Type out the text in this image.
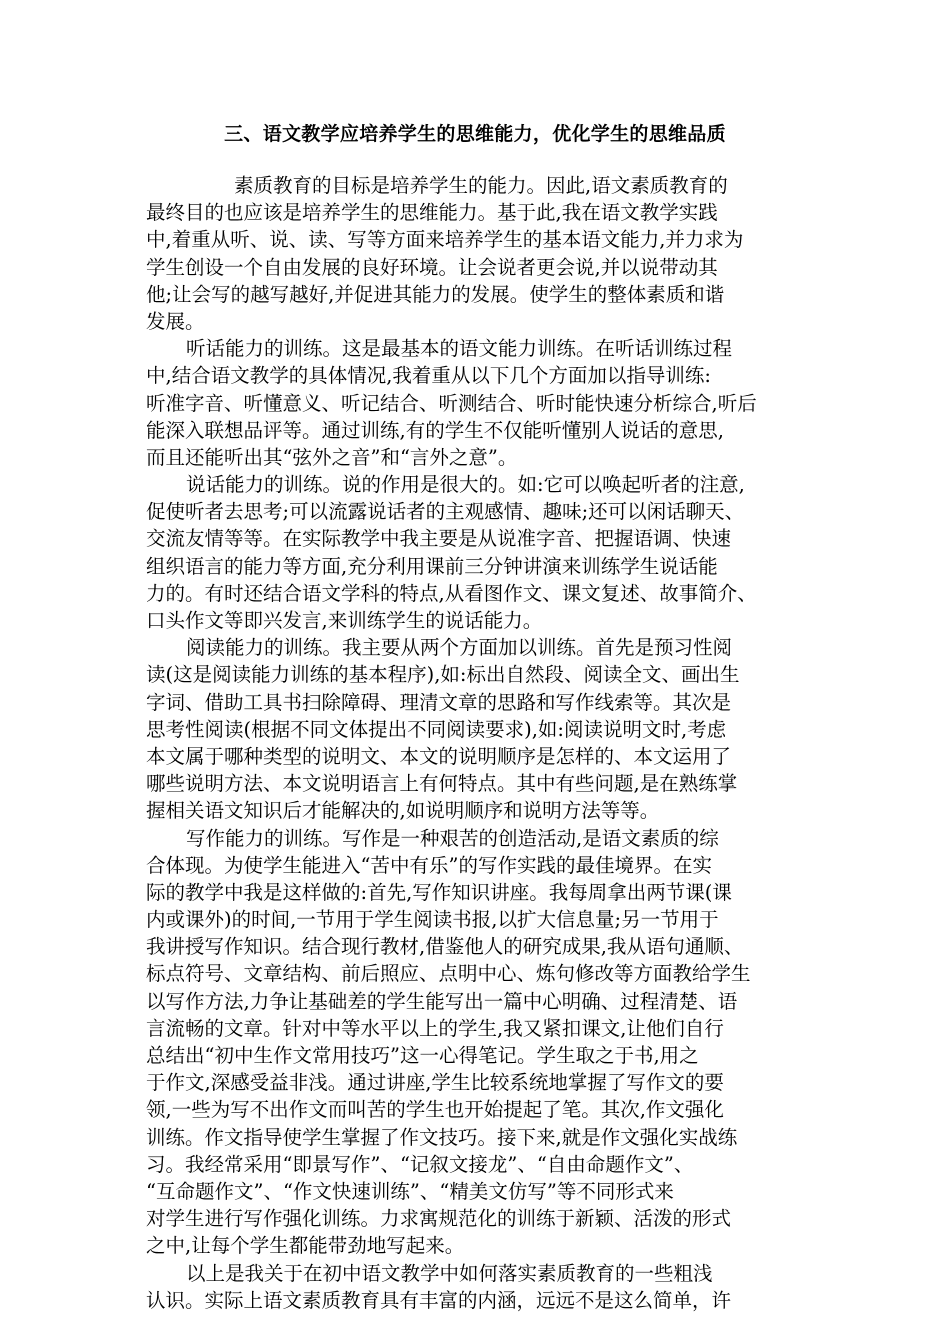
三、语文教学应培养学生的思维能力，优化学生的思维品质
素质教育的目标是培养学生的能力。因此,语文素质教育的
最终目的也应该是培养学生的思维能力。基于此,我在语文教学实践
中,着重从听、说、读、写等方面来培养学生的基本语文能力,并力求为
学生创设一个自由发展的良好环境。让会说者更会说,并以说带动其
他;让会写的越写越好,并促进其能力的发展。使学生的整体素质和谐
发展。
听话能力的训练。这是最基本的语文能力训练。在听话训练过程
中,结合语文教学的具体情况,我着重从以下几个方面加以指导训练:
听准字音、听懂意义、听记结合、听测结合、听时能快速分析综合,听后
能深入联想品评等。通过训练,有的学生不仅能听懂别人说话的意思,
而且还能听出其“弦外之音”和“言外之意”。
说话能力的训练。说的作用是很大的。如:它可以唤起听者的注意,
促使听者去思考;可以流露说话者的主观感情、趣味;还可以闲话聊天、
交流友情等等。在实际教学中我主要是从说准字音、把握语调、快速
组织语言的能力等方面,充分利用课前三分钟讲演来训练学生说话能
力的。有时还结合语文学科的特点,从看图作文、课文复述、故事简介、
口头作文等即兴发言,来训练学生的说话能力。
阅读能力的训练。我主要从两个方面加以训练。首先是预习性阅
读(这是阅读能力训练的基本程序),如:标出自然段、阅读全文、画出生
字词、借助工具书扫除障碍、理清文章的思路和写作线索等。其次是
思考性阅读(根据不同文体提出不同阅读要求),如:阅读说明文时,考虑
本文属于哪种类型的说明文、本文的说明顺序是怎样的、本文运用了
哪些说明方法、本文说明语言上有何特点。其中有些问题,是在熟练掌
握相关语文知识后才能解决的,如说明顺序和说明方法等等。
写作能力的训练。写作是一种艰苦的创造活动,是语文素质的综
合体现。为使学生能进入“苦中有乐”的写作实践的最佳境界。在实
际的教学中我是这样做的:首先,写作知识讲座。我每周拿出两节课(课
内或课外)的时间,一节用于学生阅读书报,以扩大信息量;另一节用于
我讲授写作知识。结合现行教材,借鉴他人的研究成果,我从语句通顺、
标点符号、文章结构、前后照应、点明中心、炼句修改等方面教给学生
以写作方法,力争让基础差的学生能写出一篇中心明确、过程清楚、语
言流畅的文章。针对中等水平以上的学生,我又紧扣课文,让他们自行
总结出“初中生作文常用技巧”这一心得笔记。学生取之于书,用之
于作文,深感受益非浅。通过讲座,学生比较系统地掌握了写作文的要
领,一些为写不出作文而叫苦的学生也开始提起了笔。其次,作文强化
训练。作文指导使学生掌握了作文技巧。接下来,就是作文强化实战练
习。我经常采用“即景写作”、“记叙文接龙”、“自由命题作文”、
“互命题作文”、“作文快速训练”、“精美文仿写”等不同形式来
对学生进行写作强化训练。力求寓规范化的训练于新颖、活泼的形式
之中,让每个学生都能带劲地写起来。
以上是我关于在初中语文教学中如何落实素质教育的一些粗浅
认识。实际上语文素质教育具有丰富的内涵，远远不是这么简单，许
